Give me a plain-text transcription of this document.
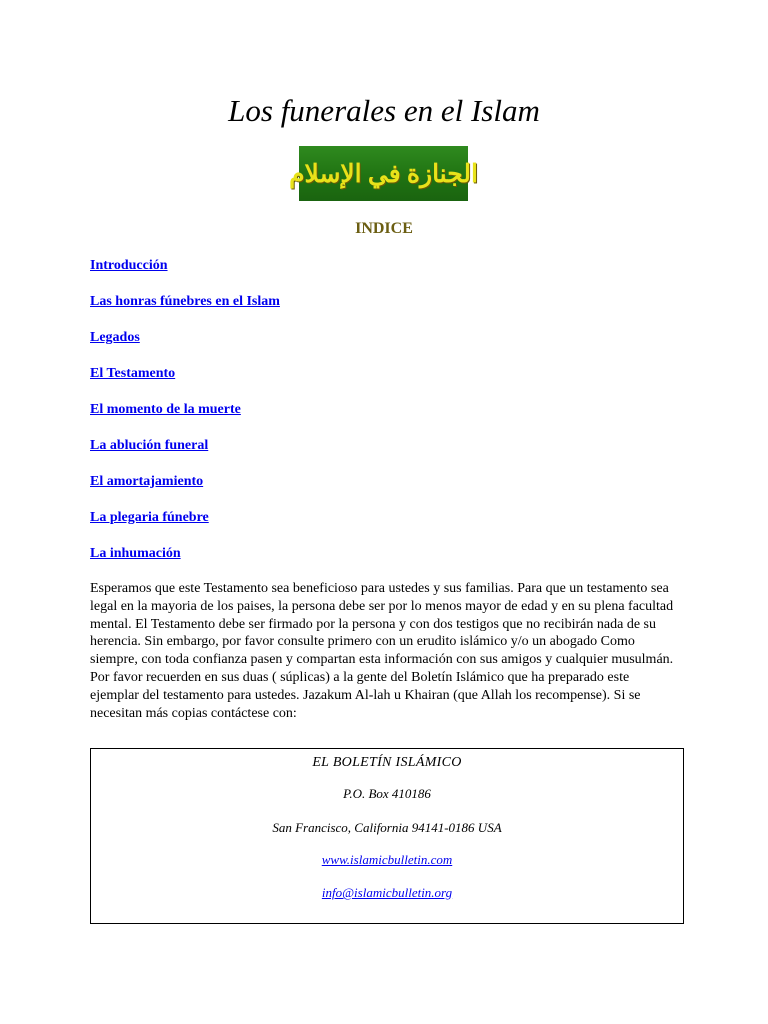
Los funerales en el Islam
الجنازة في الإسلام
INDICE
Introducción
Las honras fúnebres en el Islam
Legados
El Testamento
El momento de la muerte
La ablución funeral
El amortajamiento
La plegaria fúnebre
La inhumación

Esperamos que este Testamento sea beneficioso para ustedes y sus familias. Para que un testamento sea legal en la mayoria de los paises, la persona debe ser por lo menos mayor de edad y en su plena facultad mental. El Testamento debe ser firmado por la persona y con dos testigos que no recibirán nada de su herencia. Sin embargo, por favor consulte primero con un erudito islámico y/o un abogado Como siempre, con toda confianza pasen y compartan esta información con sus amigos y cualquier musulmán. Por favor recuerden en sus duas ( súplicas) a la gente del Boletín Islámico que ha preparado este ejemplar del testamento para ustedes. Jazakum Al-lah u Khairan (que Allah los recompense). Si se necesitan más copias contáctese con:

EL BOLETÍN ISLÁMICO
P.O. Box 410186
San Francisco, California 94141-0186 USA
www.islamicbulletin.com
info@islamicbulletin.org
